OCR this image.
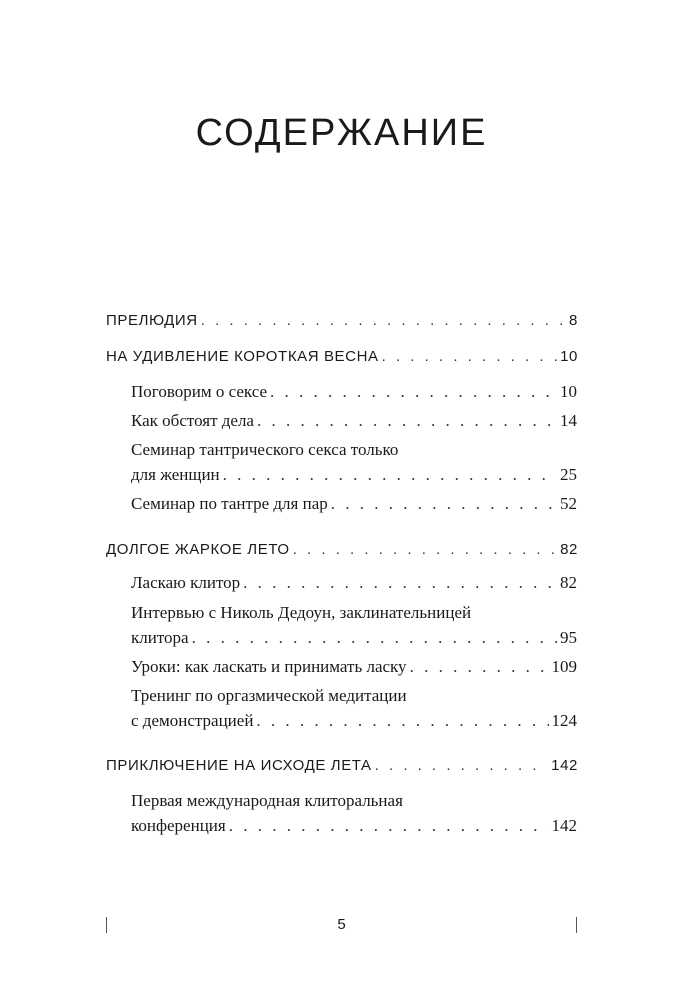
СОДЕРЖАНИЕ
ПРЕЛЮДИЯ . . .	8
НА УДИВЛЕНИЕ КОРОТКАЯ ВЕСНА . . .	10
Поговорим о сексе . . .	10
Как обстоят дела . . .	14
Семинар тантрического секса только
для женщин . . .	25
Семинар по тантре для пар . . .	52
ДОЛГОЕ ЖАРКОЕ ЛЕТО . . .	82
Ласкаю клитор . . .	82
Интервью с Николь Дедоун, заклинательницей
клитора . . .	95
Уроки: как ласкать и принимать ласку . . .	109
Тренинг по оргазмической медитации
с демонстрацией . . .	124
ПРИКЛЮЧЕНИЕ НА ИСХОДЕ ЛЕТА . . .	142
Первая международная клиторальная
конференция . . .	142
5
